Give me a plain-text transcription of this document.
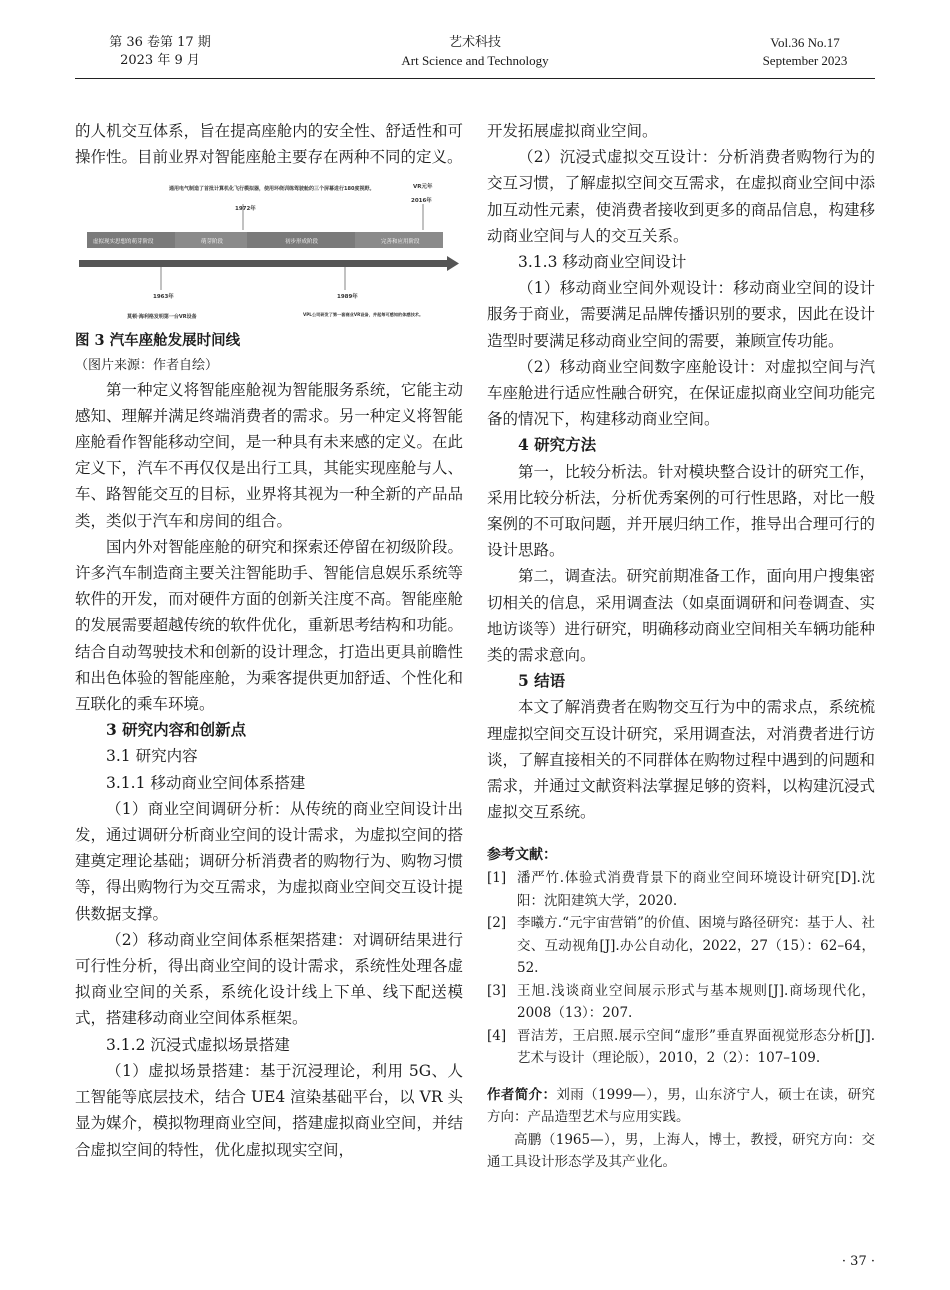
第 36 卷第 17 期
2023 年 9 月
艺术科技
Art Science and Technology
Vol.36 No.17
September 2023

的人机交互体系，旨在提高座舱内的安全性、舒适性和可操作性。目前业界对智能座舱主要存在两种不同的定义。

通用电气制造了首批计算机化飞行模拟器，使用环绕训练驾驶舱的三个屏幕进行180度视野。
1972年
VR元年
2016年
虚拟现实思想的萌芽阶段	萌芽阶段	初步形成阶段	完善和应用阶段
1963年
莫顿·海利格发明第一台VR设备
1989年
VPL公司研发了第一套商业VR设备，并起每可感知的体感技术。

图 3 汽车座舱发展时间线

（图片来源：作者自绘）

第一种定义将智能座舱视为智能服务系统，它能主动感知、理解并满足终端消费者的需求。另一种定义将智能座舱看作智能移动空间，是一种具有未来感的定义。在此定义下，汽车不再仅仅是出行工具，其能实现座舱与人、车、路智能交互的目标，业界将其视为一种全新的产品品类，类似于汽车和房间的组合。

国内外对智能座舱的研究和探索还停留在初级阶段。许多汽车制造商主要关注智能助手、智能信息娱乐系统等软件的开发，而对硬件方面的创新关注度不高。智能座舱的发展需要超越传统的软件优化，重新思考结构和功能。结合自动驾驶技术和创新的设计理念，打造出更具前瞻性和出色体验的智能座舱，为乘客提供更加舒适、个性化和互联化的乘车环境。

3 研究内容和创新点

3.1 研究内容

3.1.1 移动商业空间体系搭建

（1）商业空间调研分析：从传统的商业空间设计出发，通过调研分析商业空间的设计需求，为虚拟空间的搭建奠定理论基础；调研分析消费者的购物行为、购物习惯等，得出购物行为交互需求，为虚拟商业空间交互设计提供数据支撑。

（2）移动商业空间体系框架搭建：对调研结果进行可行性分析，得出商业空间的设计需求，系统性处理各虚拟商业空间的关系，系统化设计线上下单、线下配送模式，搭建移动商业空间体系框架。

3.1.2 沉浸式虚拟场景搭建

（1）虚拟场景搭建：基于沉浸理论，利用 5G、人工智能等底层技术，结合 UE4 渲染基础平台，以 VR 头显为媒介，模拟物理商业空间，搭建虚拟商业空间，并结合虚拟空间的特性，优化虚拟现实空间，

开发拓展虚拟商业空间。

（2）沉浸式虚拟交互设计：分析消费者购物行为的交互习惯，了解虚拟空间交互需求，在虚拟商业空间中添加互动性元素，使消费者接收到更多的商品信息，构建移动商业空间与人的交互关系。

3.1.3 移动商业空间设计

（1）移动商业空间外观设计：移动商业空间的设计服务于商业，需要满足品牌传播识别的要求，因此在设计造型时要满足移动商业空间的需要，兼顾宣传功能。

（2）移动商业空间数字座舱设计：对虚拟空间与汽车座舱进行适应性融合研究，在保证虚拟商业空间功能完备的情况下，构建移动商业空间。

4 研究方法

第一，比较分析法。针对模块整合设计的研究工作，采用比较分析法，分析优秀案例的可行性思路，对比一般案例的不可取问题，并开展归纳工作，推导出合理可行的设计思路。

第二，调查法。研究前期准备工作，面向用户搜集密切相关的信息，采用调查法（如桌面调研和问卷调查、实地访谈等）进行研究，明确移动商业空间相关车辆功能种类的需求意向。

5 结语

本文了解消费者在购物交互行为中的需求点，系统梳理虚拟空间交互设计研究，采用调查法，对消费者进行访谈，了解直接相关的不同群体在购物过程中遇到的问题和需求，并通过文献资料法掌握足够的资料，以构建沉浸式虚拟交互系统。

参考文献：

[1] 潘严竹.体验式消费背景下的商业空间环境设计研究[D].沈阳：沈阳建筑大学，2020.
[2] 李曦方.“元宇宙营销”的价值、困境与路径研究：基于人、社交、互动视角[J].办公自动化，2022，27（15）：62–64，52.
[3] 王旭.浅谈商业空间展示形式与基本规则[J].商场现代化，2008（13）：207.
[4] 晋洁芳，王启照.展示空间“虚形”垂直界面视觉形态分析[J].艺术与设计（理论版），2010，2（2）：107–109.

作者简介：刘雨（1999—），男，山东济宁人，硕士在读，研究方向：产品造型艺术与应用实践。

高鹏（1965—），男，上海人，博士，教授，研究方向：交通工具设计形态学及其产业化。

· 37 ·
